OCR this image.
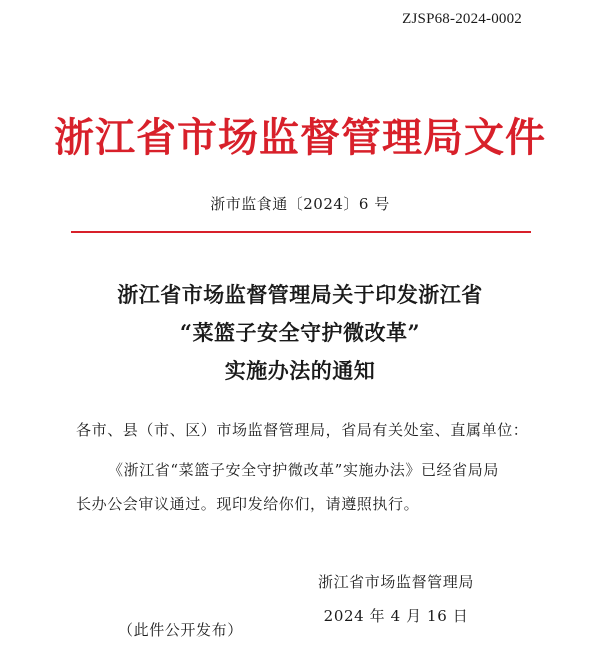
ZJSP68-2024-0002
浙江省市场监督管理局文件
浙市监食通〔2024〕6 号
浙江省市场监督管理局关于印发浙江省
“菜篮子安全守护微改革”
实施办法的通知
各市、县（市、区）市场监督管理局，省局有关处室、直属单位：
《浙江省“菜篮子安全守护微改革”实施办法》已经省局局
长办公会审议通过。现印发给你们，请遵照执行。
浙江省市场监督管理局
2024 年 4 月 16 日
（此件公开发布）
